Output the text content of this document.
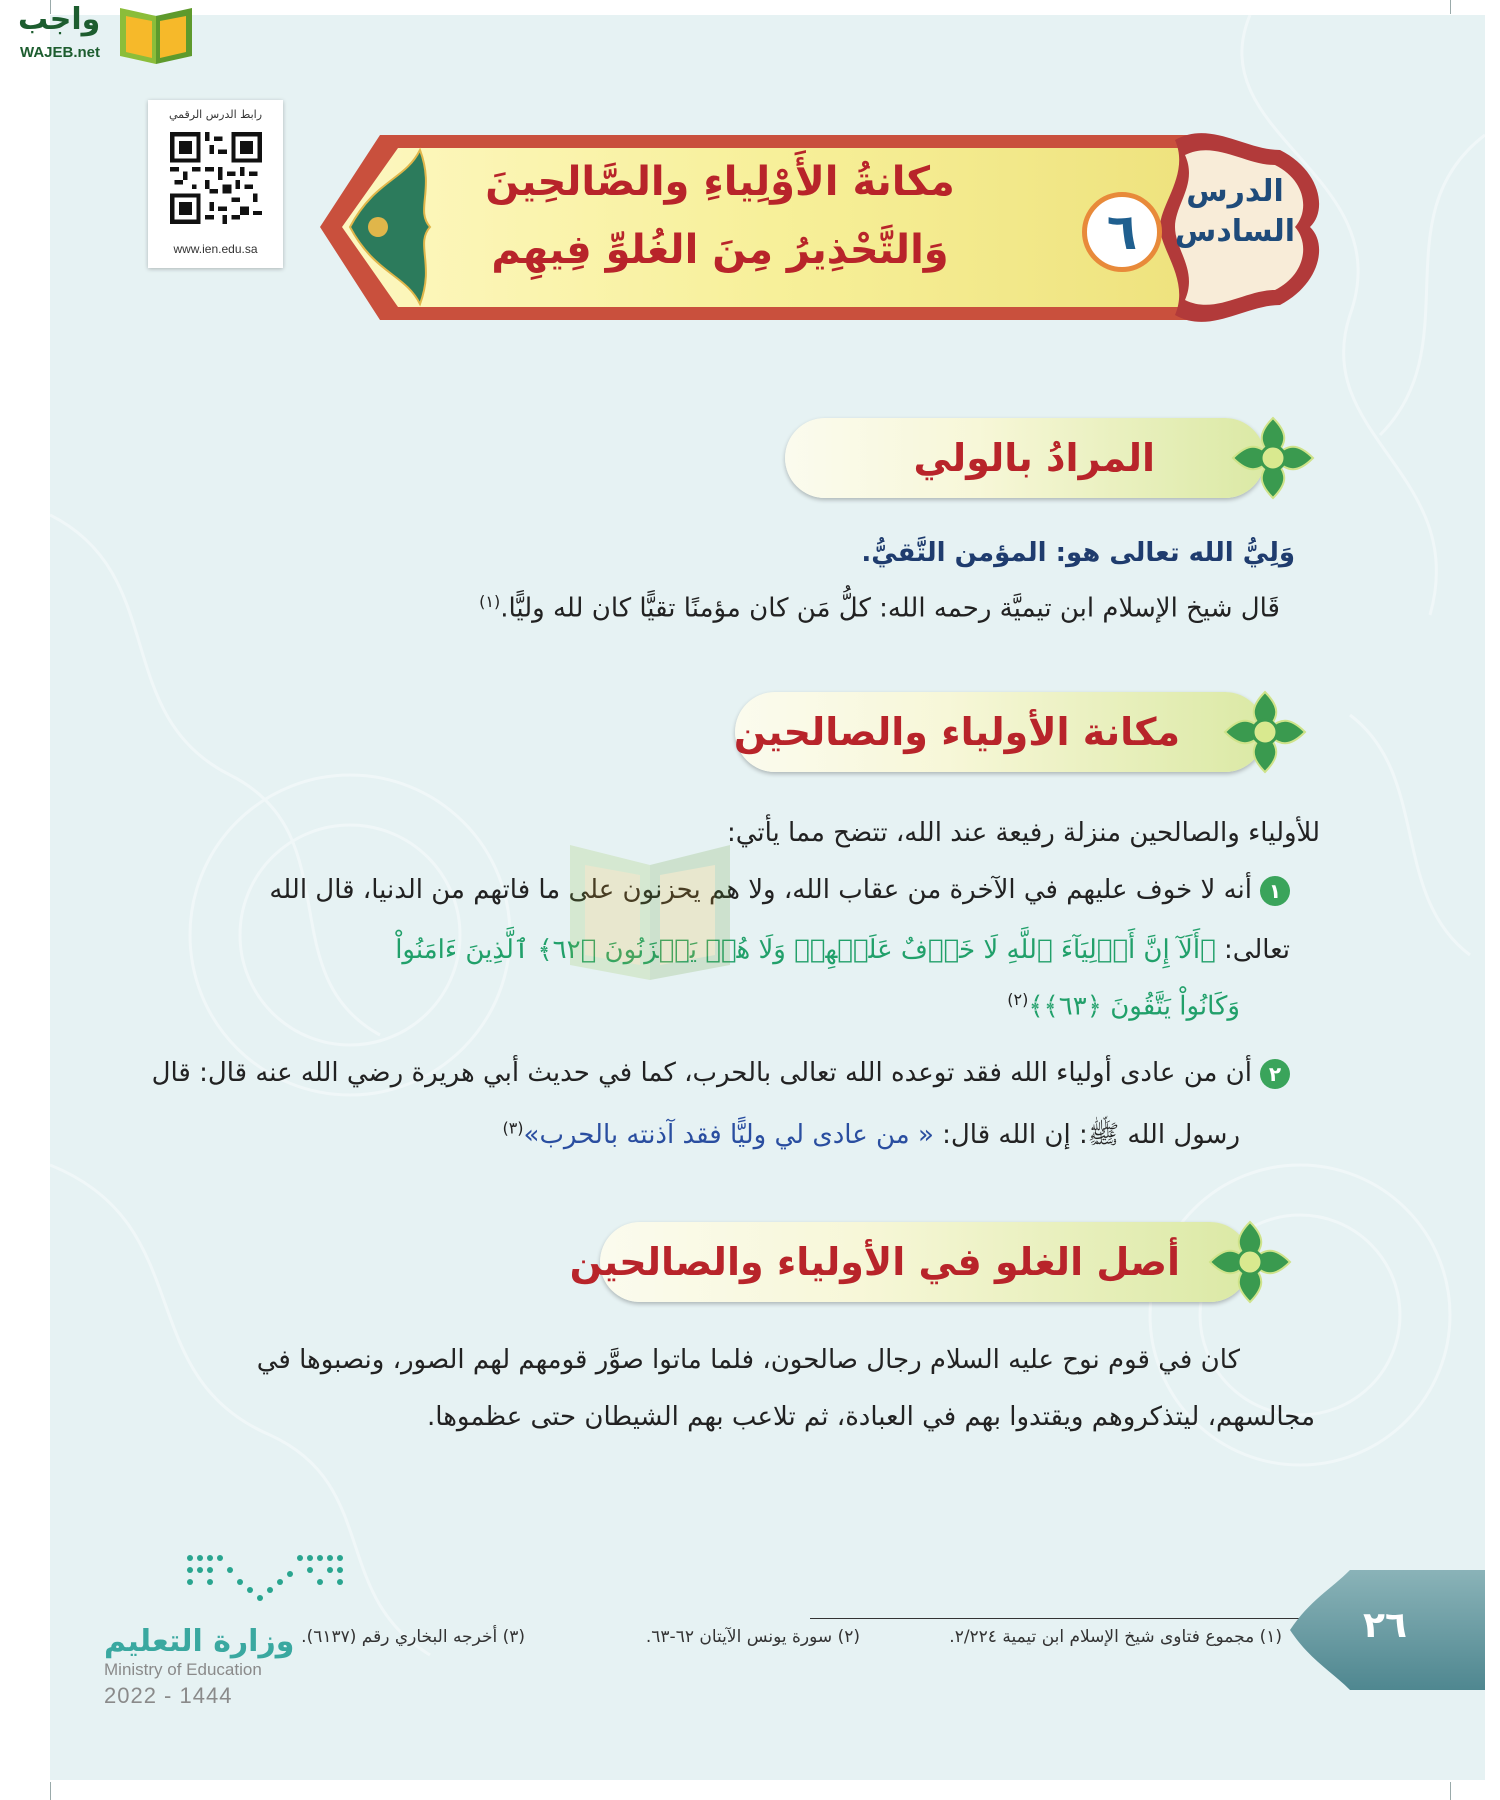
واجب
WAJEB.net
رابط الدرس الرقمي
www.ien.edu.sa
مكانةُ الأَوْلِياءِ والصَّالحِينَ
وَالتَّحْذِيرُ مِنَ الغُلوِّ فِيهِم	٦
الدرس
السادس
المرادُ بالولي
وَلِيُّ الله تعالى هو: المؤمن التَّقيُّ.
قَال شيخ الإسلام ابن تيميَّة رحمه الله: كلُّ مَن كان مؤمنًا تقيًّا كان لله وليًّا.$^{(١)}$
مكانة الأولياء والصالحين
للأولياء والصالحين منزلة رفيعة عند الله، تتضح مما يأتي:
١أنه لا خوف عليهم في الآخرة من عقاب الله، ولا هم يحزنون على ما فاتهم من الدنيا، قال الله
تعالى: ﴿أَلَآ إِنَّ أَوۡلِيَآءَ ٱللَّهِ لَا خَوۡفٌ عَلَيۡهِمۡ وَلَا هُمۡ يَحۡزَنُونَ ﴿٦٢﴾ ٱلَّذِينَ ءَامَنُواْ
وَكَانُواْ يَتَّقُونَ ﴿٦٣﴾﴾$^{(٢)}$
٢أن من عادى أولياء الله فقد توعده الله تعالى بالحرب، كما في حديث أبي هريرة رضي الله عنه قال: قال
رسول الله ﷺ: إن الله قال: « من عادى لي وليًّا فقد آذنته بالحرب»$^{(٣)}$
أصل الغلو في الأولياء والصالحين
كان في قوم نوح عليه السلام رجال صالحون، فلما ماتوا صوَّر قومهم لهم الصور، ونصبوها في
مجالسهم، ليتذكروهم ويقتدوا بهم في العبادة، ثم تلاعب بهم الشيطان حتى عظموها.
(١) مجموع فتاوى شيخ الإسلام ابن تيمية ٢/٢٢٤.
(٢) سورة يونس الآيتان ٦٢-٦٣.
(٣) أخرجه البخاري رقم (٦١٣٧).	٢٦
وزارة التعليم
Ministry of Education
2022 - 1444
